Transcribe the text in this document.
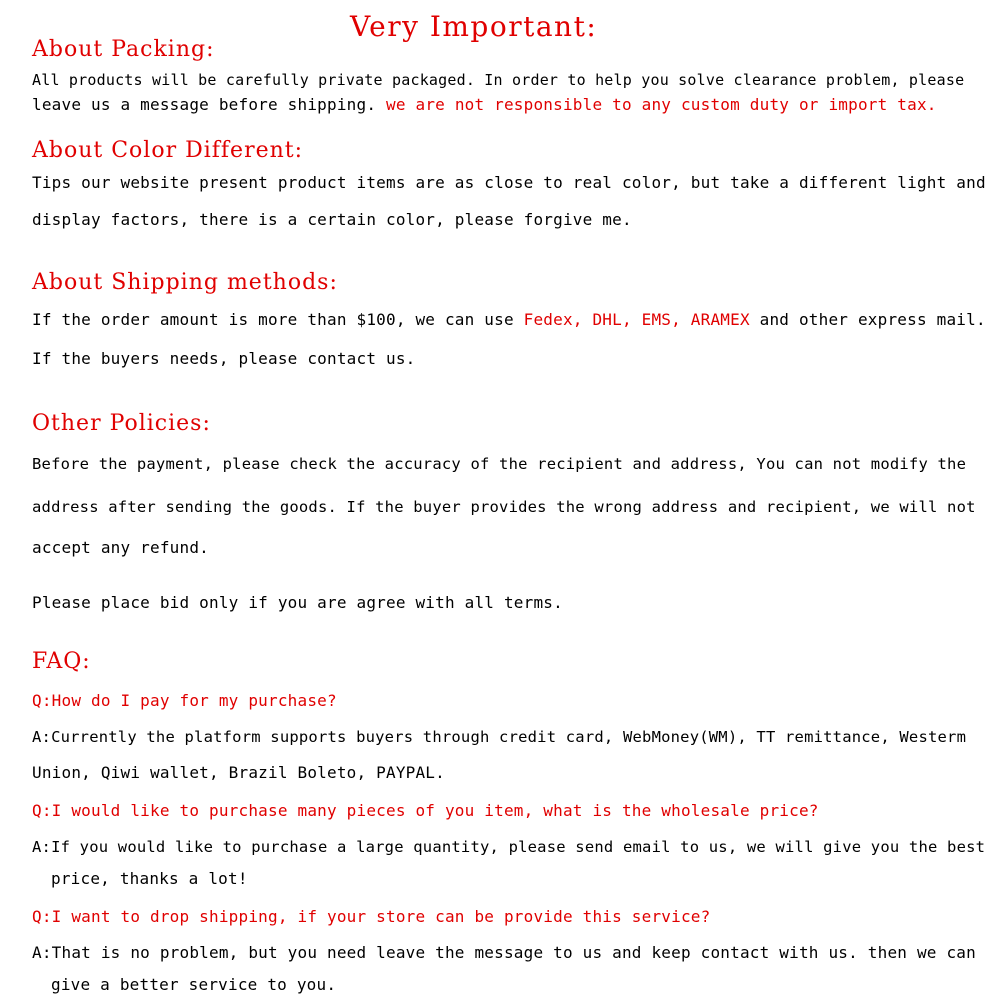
Very Important:
About Packing:
All products will be carefully private packaged. In order to help you solve clearance problem, please
leave us a message before shipping. we are not responsible to any custom duty or import tax.
About Color Different:
Tips our website present product items are as close to real color, but take a different light and
display factors, there is a certain color, please forgive me.
About Shipping methods:
If the order amount is more than $100, we can use Fedex, DHL, EMS, ARAMEX and other express mail.
If the buyers needs, please contact us.
Other Policies:
Before the payment, please check the accuracy of the recipient and address, You can not modify the
address after sending the goods. If the buyer provides the wrong address and recipient, we will not
accept any refund.
Please place bid only if you are agree with all terms.
FAQ:
Q:How do I pay for my purchase?
A:Currently the platform supports buyers through credit card, WebMoney(WM), TT remittance, Westerm
Union, Qiwi wallet, Brazil Boleto, PAYPAL.
Q:I would like to purchase many pieces of you item, what is the wholesale price?
A:If you would like to purchase a large quantity, please send email to us, we will give you the best
price, thanks a lot!
Q:I want to drop shipping, if your store can be provide this service?
A:That is no problem, but you need leave the message to us and keep contact with us. then we can
give a better service to you.
